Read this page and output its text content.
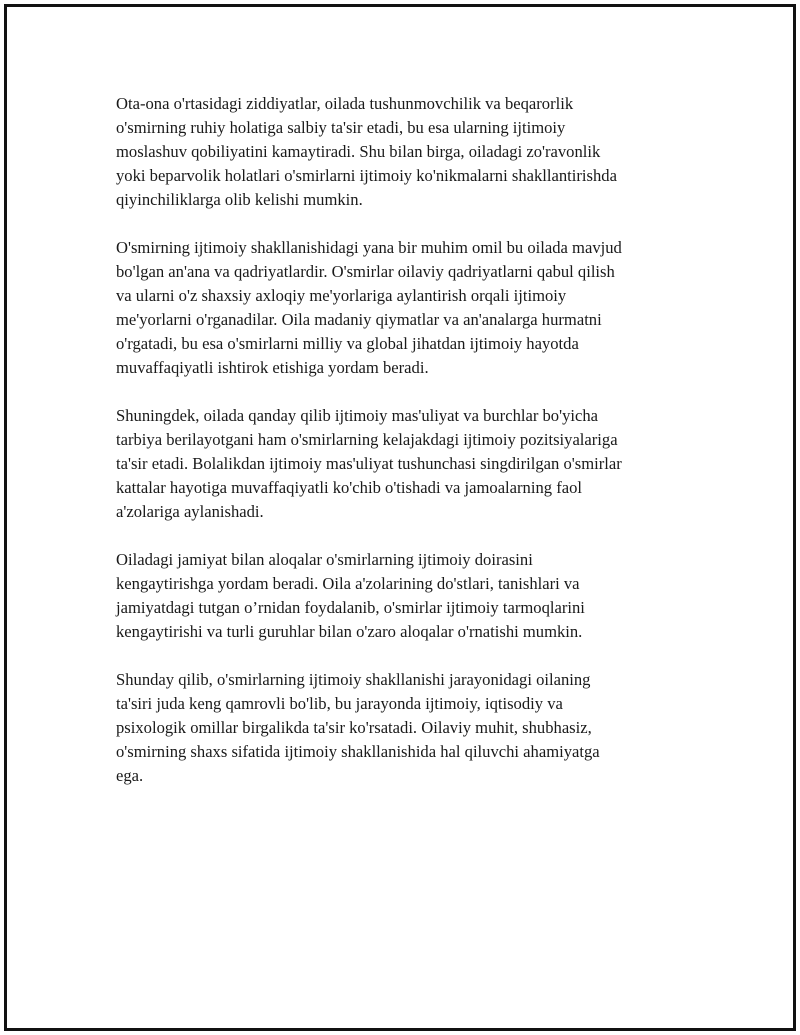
Ota-ona o'rtasidagi ziddiyatlar, oilada tushunmovchilik va beqarorlik
o'smirning ruhiy holatiga salbiy ta'sir etadi, bu esa ularning ijtimoiy
moslashuv qobiliyatini kamaytiradi. Shu bilan birga, oiladagi zo'ravonlik
yoki beparvolik holatlari o'smirlarni ijtimoiy ko'nikmalarni shakllantirishda
qiyinchiliklarga olib kelishi mumkin.

O'smirning ijtimoiy shakllanishidagi yana bir muhim omil bu oilada mavjud
bo'lgan an'ana va qadriyatlardir. O'smirlar oilaviy qadriyatlarni qabul qilish
va ularni o'z shaxsiy axloqiy me'yorlariga aylantirish orqali ijtimoiy
me'yorlarni o'rganadilar. Oila madaniy qiymatlar va an'analarga hurmatni
o'rgatadi, bu esa o'smirlarni milliy va global jihatdan ijtimoiy hayotda
muvaffaqiyatli ishtirok etishiga yordam beradi.

Shuningdek, oilada qanday qilib ijtimoiy mas'uliyat va burchlar bo'yicha
tarbiya berilayotgani ham o'smirlarning kelajakdagi ijtimoiy pozitsiyalariga
ta'sir etadi. Bolalikdan ijtimoiy mas'uliyat tushunchasi singdirilgan o'smirlar
kattalar hayotiga muvaffaqiyatli ko'chib o'tishadi va jamoalarning faol
a'zolariga aylanishadi.

Oiladagi jamiyat bilan aloqalar o'smirlarning ijtimoiy doirasini
kengaytirishga yordam beradi. Oila a'zolarining do'stlari, tanishlari va
jamiyatdagi tutgan o’rnidan foydalanib, o'smirlar ijtimoiy tarmoqlarini
kengaytirishi va turli guruhlar bilan o'zaro aloqalar o'rnatishi mumkin.

Shunday qilib, o'smirlarning ijtimoiy shakllanishi jarayonidagi oilaning
ta'siri juda keng qamrovli bo'lib, bu jarayonda ijtimoiy, iqtisodiy va
psixologik omillar birgalikda ta'sir ko'rsatadi. Oilaviy muhit, shubhasiz,
o'smirning shaxs sifatida ijtimoiy shakllanishida hal qiluvchi ahamiyatga
ega.
